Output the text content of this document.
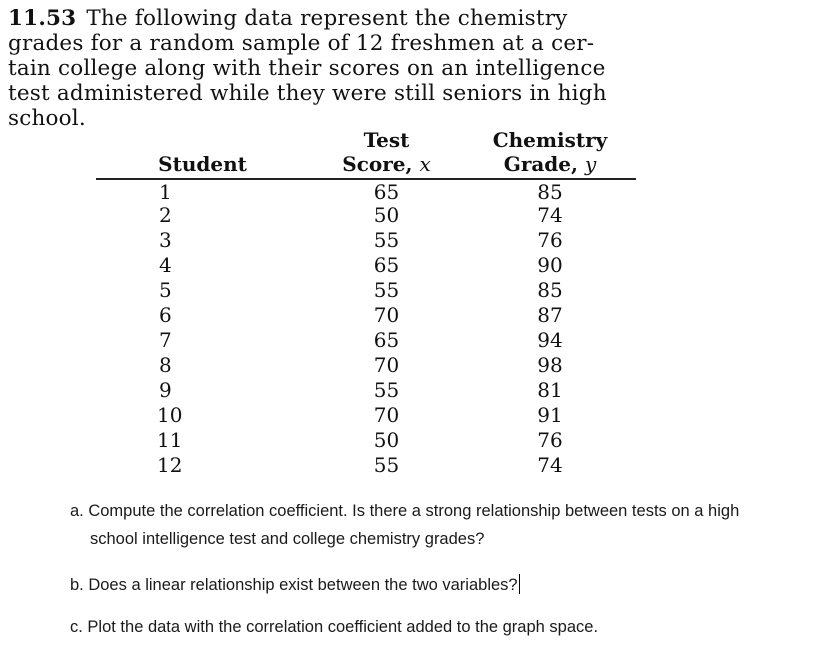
11.53 The following data represent the chemistry
grades for a random sample of 12 freshmen at a cer-
tain college along with their scores on an intelligence
test administered while they were still seniors in high
school.
	Test	Chemistry
Student	Score, x	Grade, y
1	65	85
2	50	74
3	55	76
4	65	90
5	55	85
6	70	87
7	65	94
8	70	98
9	55	81
10	70	91
11	50	76
12	55	74
a. Compute the correlation coefficient. Is there a strong relationship between tests on a high
school intelligence test and college chemistry grades?
b. Does a linear relationship exist between the two variables?
c. Plot the data with the correlation coefficient added to the graph space.
